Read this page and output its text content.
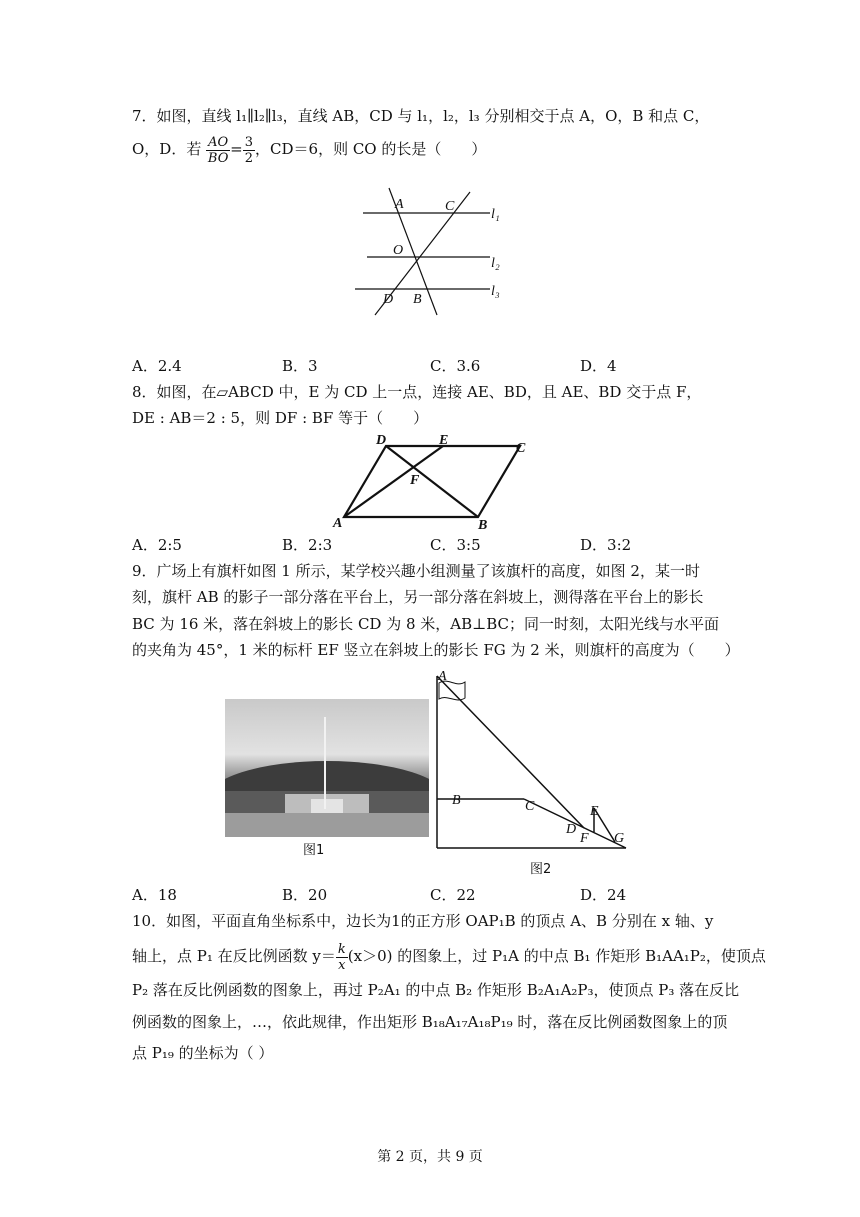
7．如图，直线 l₁∥l₂∥l₃，直线 AB，CD 与 l₁，l₂，l₃ 分别相交于点 A，O，B 和点 C，
O，D．若 $\frac{AO}{BO} = \frac{3}{2}$ ，CD＝6，则 CO 的长是（　　）
A	C
O
D B
l₁
l₂
l₃
A．2.4	B．3	C．3.6	D．4
8．如图，在▱ABCD 中，E 为 CD 上一点，连接 AE、BD，且 AE、BD 交于点 F，
DE : AB＝2 : 5，则 DF : BF 等于（　　）
D	E
C
F
A	B
A．2:5	B．2:3	C．3:5	D．3:2
9．广场上有旗杆如图 1 所示，某学校兴趣小组测量了该旗杆的高度，如图 2，某一时
刻，旗杆 AB 的影子一部分落在平台上，另一部分落在斜坡上，测得落在平台上的影长
BC 为 16 米，落在斜坡上的影长 CD 为 8 米，AB⊥BC；同一时刻，太阳光线与水平面
的夹角为 45°，1 米的标杆 EF 竖立在斜坡上的影长 FG 为 2 米，则旗杆的高度为（　　）
图1
A
B	C
D
E
F G
图2
A．18	B．20	C．22	D．24
10．如图，平面直角坐标系中，边长为1的正方形 OAP₁B 的顶点 A、B 分别在 x 轴、y
轴上，点 P₁ 在反比例函数 $y= \frac{k}{x} (x>0)$ 的图象上，过 P₁A 的中点 B₁ 作矩形 B₁AA₁P₂，使顶点
P₂ 落在反比例函数的图象上，再过 P₂A₁ 的中点 B₂ 作矩形 B₂A₁A₂P₃，使顶点 P₃ 落在反比
例函数的图象上，…，依此规律，作出矩形 B₁₈A₁₇A₁₈P₁₉ 时，落在反比例函数图象上的顶
点 P₁₉ 的坐标为（ ）
第 2 页，共 9 页
